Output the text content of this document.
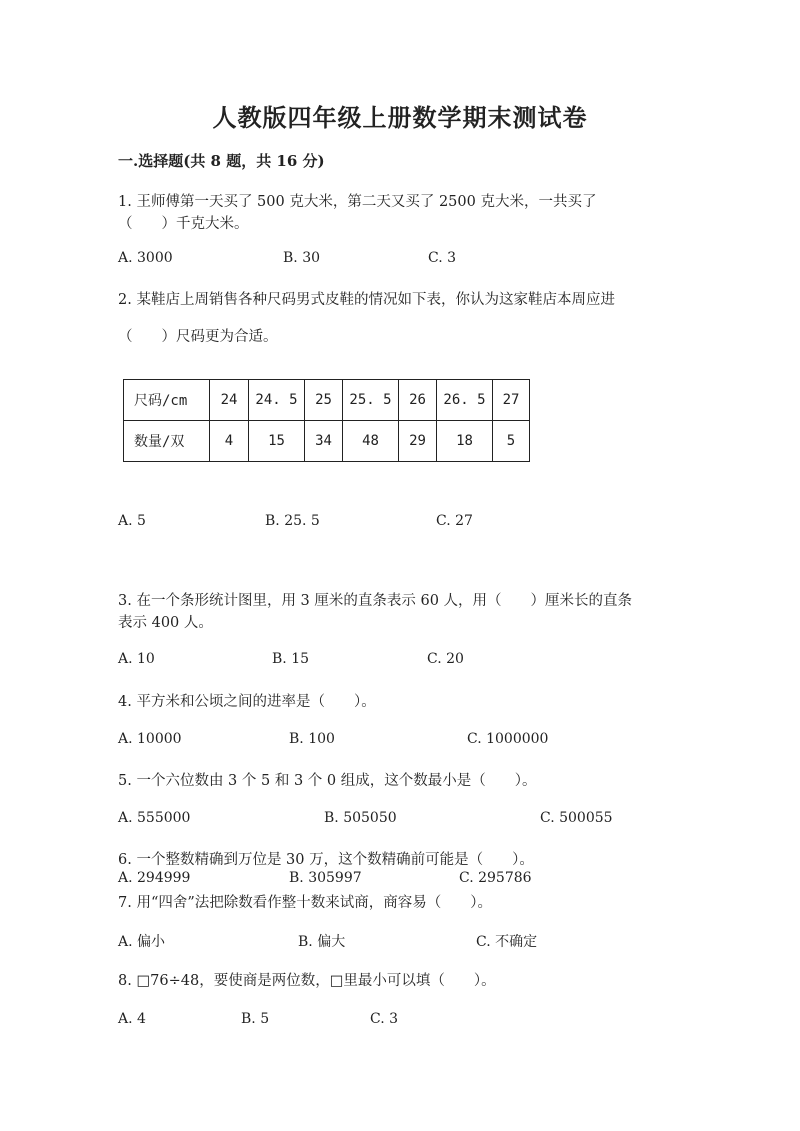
人教版四年级上册数学期末测试卷
一.选择题(共 8 题，共 16 分)
1. 王师傅第一天买了 500 克大米，第二天又买了 2500 克大米，一共买了
（　　）千克大米。
A. 3000	B. 30	C. 3
2. 某鞋店上周销售各种尺码男式皮鞋的情况如下表，你认为这家鞋店本周应进
（　　）尺码更为合适。
尺码/cm	24	24. 5	25	25. 5	26	26. 5	27
数量/双	4	15	34	48	29	18	5
A. 5	B. 25. 5	C. 27
3. 在一个条形统计图里，用 3 厘米的直条表示 60 人，用（　　）厘米长的直条
表示 400 人。
A. 10	B. 15	C. 20
4. 平方米和公顷之间的进率是（　　）。
A. 10000	B. 100	C. 1000000
5. 一个六位数由 3 个 5 和 3 个 0 组成，这个数最小是（　　）。
A. 555000	B. 505050	C. 500055
6. 一个整数精确到万位是 30 万，这个数精确前可能是（　　）。
A. 294999	B. 305997	C. 295786
7. 用“四舍”法把除数看作整十数来试商，商容易（　　）。
A. 偏小	B. 偏大	C. 不确定
8. □76÷48，要使商是两位数，□里最小可以填（　　）。
A. 4	B. 5	C. 3
